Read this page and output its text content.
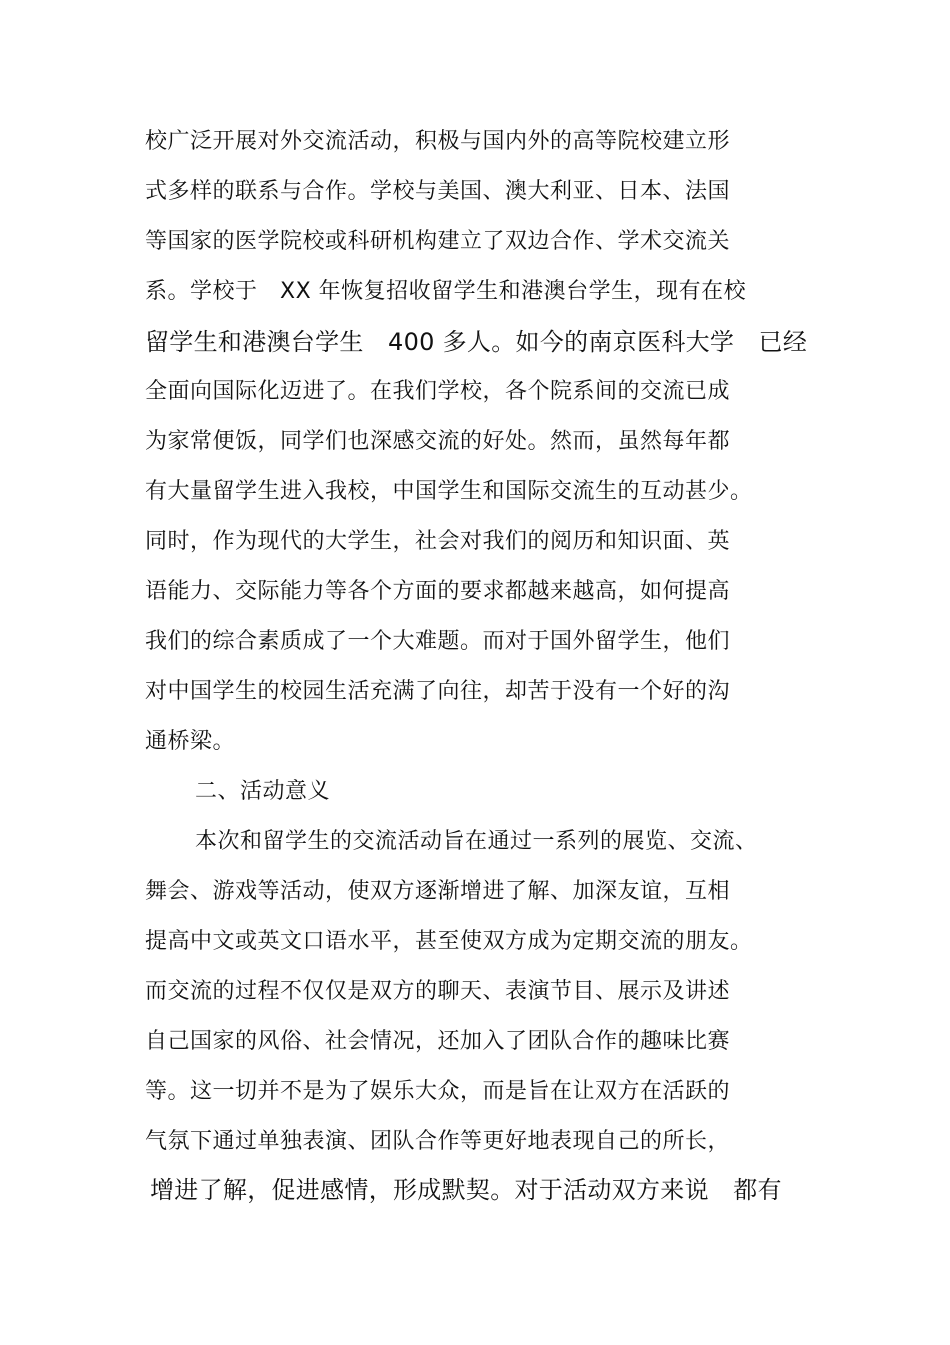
校广泛开展对外交流活动，积极与国内外的高等院校建立形
式多样的联系与合作。学校与美国、澳大利亚、日本、法国
等国家的医学院校或科研机构建立了双边合作、学术交流关
系。学校于　XX 年恢复招收留学生和港澳台学生，现有在校
留学生和港澳台学生　400 多人。如今的南京医科大学　已经
全面向国际化迈进了。在我们学校，各个院系间的交流已成
为家常便饭，同学们也深感交流的好处。然而，虽然每年都
有大量留学生进入我校，中国学生和国际交流生的互动甚少。
同时，作为现代的大学生，社会对我们的阅历和知识面、英
语能力、交际能力等各个方面的要求都越来越高，如何提高
我们的综合素质成了一个大难题。而对于国外留学生，他们
对中国学生的校园生活充满了向往，却苦于没有一个好的沟
通桥梁。
二、活动意义
本次和留学生的交流活动旨在通过一系列的展览、交流、
舞会、游戏等活动，使双方逐渐增进了解、加深友谊，互相
提高中文或英文口语水平，甚至使双方成为定期交流的朋友。
而交流的过程不仅仅是双方的聊天、表演节目、展示及讲述
自己国家的风俗、社会情况，还加入了团队合作的趣味比赛
等。这一切并不是为了娱乐大众，而是旨在让双方在活跃的
气氛下通过单独表演、团队合作等更好地表现自己的所长，
增进了解，促进感情，形成默契。对于活动双方来说　都有
